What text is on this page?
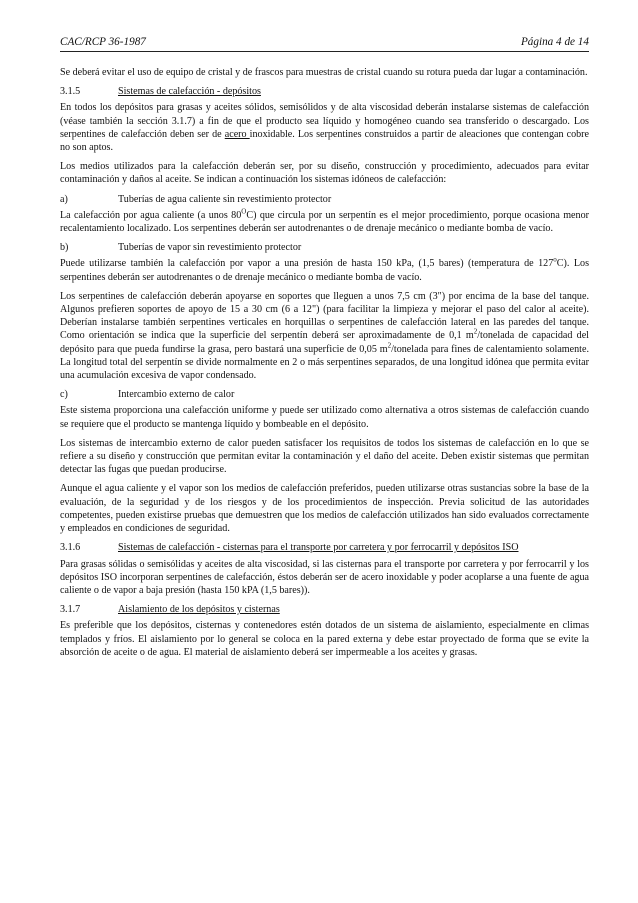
CAC/RCP 36-1987	Página 4 de 14

Se deberá evitar el uso de equipo de cristal y de frascos para muestras de cristal cuando su rotura pueda dar lugar a contaminación.

3.1.5	Sistemas de calefacción - depósitos

En todos los depósitos para grasas y aceites sólidos, semisólidos y de alta viscosidad deberán instalarse sistemas de calefacción (véase también la sección 3.1.7) a fin de que el producto sea líquido y homogéneo cuando sea transferido o descargado. Los serpentines de calefacción deben ser de acero inoxidable. Los serpentines construidos a partir de aleaciones que contengan cobre no son aptos.

Los medios utilizados para la calefacción deberán ser, por su diseño, construcción y procedimiento, adecuados para evitar contaminación y daños al aceite. Se indican a continuación los sistemas idóneos de calefacción:

a)	Tuberías de agua caliente sin revestimiento protector

La calefacción por agua caliente (a unos $80^OC$) que circula por un serpentín es el mejor procedimiento, porque ocasiona menor recalentamiento localizado. Los serpentines deberán ser autodrenantes o de drenaje mecánico o mediante bomba de vacío.

b)	Tuberías de vapor sin revestimiento protector

Puede utilizarse también la calefacción por vapor a una presión de hasta 150 kPa, (1,5 bares) (temperatura de 127$^o$C). Los serpentines deberán ser autodrenantes o de drenaje mecánico o mediante bomba de vacío.

Los serpentines de calefacción deberán apoyarse en soportes que lleguen a unos 7,5 cm (3") por encima de la base del tanque. Algunos prefieren soportes de apoyo de 15 a 30 cm (6 a 12") (para facilitar la limpieza y mejorar el paso del calor al aceite). Deberían instalarse también serpentines verticales en horquillas o serpentines de calefacción lateral en las paredes del tanque. Como orientación se indica que la superficie del serpentín deberá ser aproximadamente de 0,1 $m^2$/tonelada de capacidad del depósito para que pueda fundirse la grasa, pero bastará una superficie de 0,05 $m^2$/tonelada para fines de calentamiento solamente. La longitud total del serpentín se divide normalmente en 2 o más serpentines separados, de una longitud idónea que permita evitar una acumulación excesiva de vapor condensado.

c)	Intercambio externo de calor

Este sistema proporciona una calefacción uniforme y puede ser utilizado como alternativa a otros sistemas de calefacción cuando se requiere que el producto se mantenga líquido y bombeable en el depósito.

Los sistemas de intercambio externo de calor pueden satisfacer los requisitos de todos los sistemas de calefacción en lo que se refiere a su diseño y construcción que permitan evitar la contaminación y el daño del aceite. Deben existir sistemas que permitan detectar las fugas que puedan producirse.

Aunque el agua caliente y el vapor son los medios de calefacción preferidos, pueden utilizarse otras sustancias sobre la base de la evaluación, de la seguridad y de los riesgos y de los procedimientos de inspección. Previa solicitud de las autoridades competentes, pueden existirse pruebas que demuestren que los medios de calefacción utilizados han sido evaluados correctamente y empleados en condiciones de seguridad.

3.1.6	Sistemas de calefacción - cisternas para el transporte por carretera y por ferrocarril y depósitos ISO

Para grasas sólidas o semisólidas y aceites de alta viscosidad, si las cisternas para el transporte por carretera y por ferrocarril y los depósitos ISO incorporan serpentines de calefacción, éstos deberán ser de acero inoxidable y poder acoplarse a una fuente de agua caliente o de vapor a baja presión (hasta 150 kPA (1,5 bares)).

3.1.7	Aislamiento de los depósitos y cisternas

Es preferible que los depósitos, cisternas y contenedores estén dotados de un sistema de aislamiento, especialmente en climas templados y fríos. El aislamiento por lo general se coloca en la pared externa y debe estar proyectado de forma que se evite la absorción de aceite o de agua. El material de aislamiento deberá ser impermeable a los aceites y grasas.
